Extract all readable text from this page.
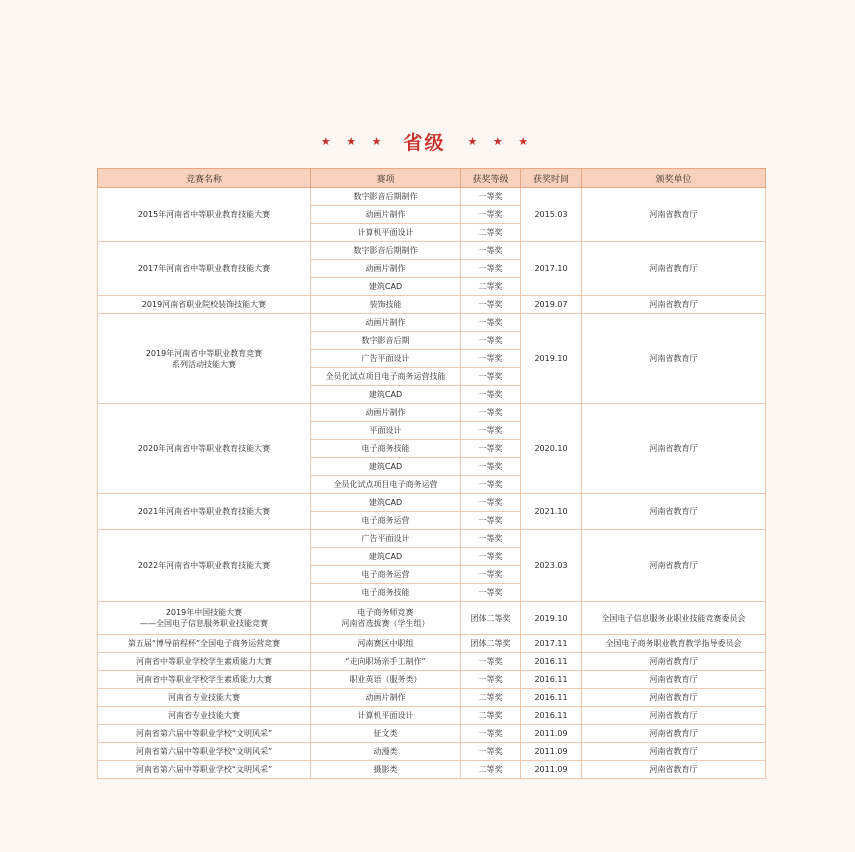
★ ★ ★ 省级 ★ ★ ★
竞赛名称	赛项	获奖等级	获奖时间	颁奖单位

2015年河南省中等职业教育技能大赛	数字影音后期制作	一等奖	2015.03	河南省教育厅

	动画片制作	一等奖		

	计算机平面设计	二等奖		

2017年河南省中等职业教育技能大赛	数字影音后期制作	一等奖	2017.10	河南省教育厅

	动画片制作	一等奖		

	建筑CAD	二等奖		

2019河南省职业院校装饰技能大赛	装饰技能	一等奖	2019.07	河南省教育厅

2019年河南省中等职业教育竞赛
系列活动技能大赛	动画片制作	一等奖	2019.10	河南省教育厅

	数字影音后期	一等奖		

	广告平面设计	一等奖		

	全员化试点项目电子商务运营技能	一等奖		

	建筑CAD	一等奖		

2020年河南省中等职业教育技能大赛	动画片制作	一等奖	2020.10	河南省教育厅

	平面设计	一等奖		

	电子商务技能	一等奖		

	建筑CAD	一等奖		

	全员化试点项目电子商务运营	一等奖		

2021年河南省中等职业教育技能大赛	建筑CAD	一等奖	2021.10	河南省教育厅

	电子商务运营	一等奖		

2022年河南省中等职业教育技能大赛	广告平面设计	一等奖	2023.03	河南省教育厅

	建筑CAD	一等奖		

	电子商务运营	一等奖		

	电子商务技能	一等奖		

2019年中国技能大赛
——全国电子信息服务职业技能竞赛	电子商务师竞赛
河南省选拔赛（学生组）	团体二等奖	2019.10	全国电子信息服务业职业技能竞赛委员会

第五届“博导前程杯”全国电子商务运营竞赛	河南赛区中职组	团体二等奖	2017.11	全国电子商务职业教育教学指导委员会

河南省中等职业学校学生素质能力大赛	“走向职场亲手工制作”	一等奖	2016.11	河南省教育厅

河南省中等职业学校学生素质能力大赛	职业英语（服务类）	一等奖	2016.11	河南省教育厅

河南省专业技能大赛	动画片制作	二等奖	2016.11	河南省教育厅

河南省专业技能大赛	计算机平面设计	二等奖	2016.11	河南省教育厅

河南省第六届中等职业学校“文明风采”	征文类	一等奖	2011.09	河南省教育厅

河南省第六届中等职业学校“文明风采”	动漫类	一等奖	2011.09	河南省教育厅

河南省第六届中等职业学校“文明风采”	摄影类	二等奖	2011.09	河南省教育厅
